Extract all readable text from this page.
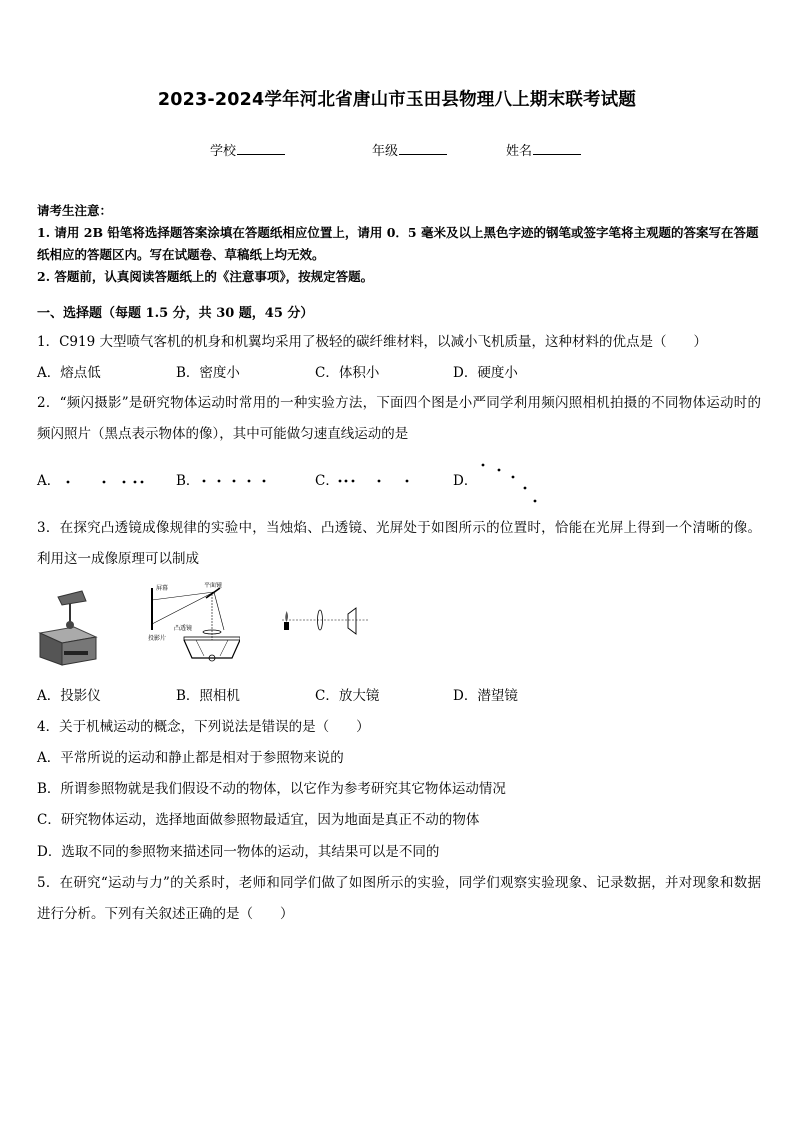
2023-2024学年河北省唐山市玉田县物理八上期末联考试题
学校	年级	姓名
请考生注意：
1. 请用 2B 铅笔将选择题答案涂填在答题纸相应位置上，请用 0．5 毫米及以上黑色字迹的钢笔或签字笔将主观题的答案写在答题纸相应的答题区内。写在试题卷、草稿纸上均无效。
2. 答题前，认真阅读答题纸上的《注意事项》，按规定答题。
一、选择题（每题 1.5 分，共 30 题，45 分）
1．C919 大型喷气客机的机身和机翼均采用了极轻的碳纤维材料，以减小飞机质量，这种材料的优点是（　　）
A．熔点低	B．密度小	C．体积小	D．硬度小
2．“频闪摄影”是研究物体运动时常用的一种实验方法，下面四个图是小严同学利用频闪照相机拍摄的不同物体运动时的频闪照片（黑点表示物体的像），其中可能做匀速直线运动的是
A．	B．	C．	D．
3．在探究凸透镜成像规律的实验中，当烛焰、凸透镜、光屏处于如图所示的位置时，恰能在光屏上得到一个清晰的像。利用这一成像原理可以制成
屏幕	平面镜
凸透镜
投影片
A．投影仪	B．照相机	C．放大镜	D．潜望镜
4．关于机械运动的概念，下列说法是错误的是（　　）
A．平常所说的运动和静止都是相对于参照物来说的
B．所谓参照物就是我们假设不动的物体，以它作为参考研究其它物体运动情况
C．研究物体运动，选择地面做参照物最适宜，因为地面是真正不动的物体
D．选取不同的参照物来描述同一物体的运动，其结果可以是不同的
5．在研究“运动与力”的关系时，老师和同学们做了如图所示的实验，同学们观察实验现象、记录数据，并对现象和数据进行分析。下列有关叙述正确的是（　　）
